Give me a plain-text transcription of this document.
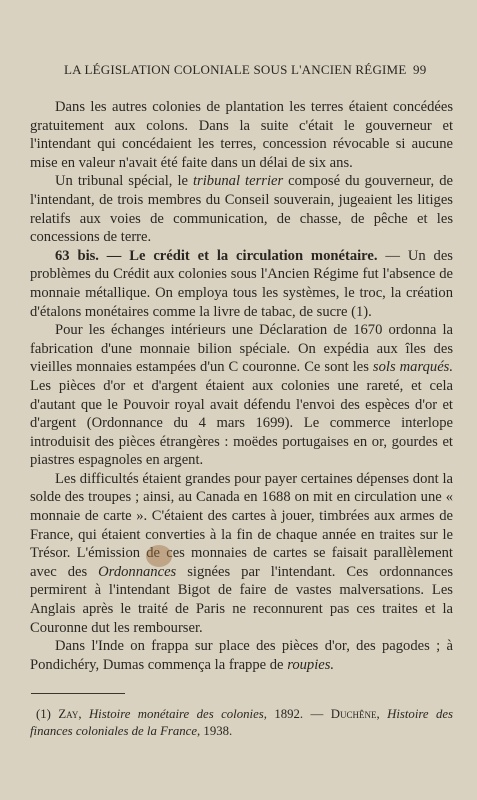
LA LÉGISLATION COLONIALE SOUS L'ANCIEN RÉGIME 99

Dans les autres colonies de plantation les terres étaient concédées gratuitement aux colons. Dans la suite c'était le gouverneur et l'intendant qui concédaient les terres, concession révocable si aucune mise en valeur n'avait été faite dans un délai de six ans.

Un tribunal spécial, le tribunal terrier composé du gouverneur, de l'intendant, de trois membres du Conseil souverain, jugeaient les litiges relatifs aux voies de communication, de chasse, de pêche et les concessions de terre.

63 bis. — Le crédit et la circulation monétaire. — Un des problèmes du Crédit aux colonies sous l'Ancien Régime fut l'absence de monnaie métallique. On employa tous les systèmes, le troc, la création d'étalons monétaires comme la livre de tabac, de sucre (1).

Pour les échanges intérieurs une Déclaration de 1670 ordonna la fabrication d'une monnaie bilion spéciale. On expédia aux îles des vieilles monnaies estampées d'un C couronne. Ce sont les sols marqués. Les pièces d'or et d'argent étaient aux colonies une rareté, et cela d'autant que le Pouvoir royal avait défendu l'envoi des espèces d'or et d'argent (Ordonnance du 4 mars 1699). Le commerce interlope introduisit des pièces étrangères : moëdes portugaises en or, gourdes et piastres espagnoles en argent.

Les difficultés étaient grandes pour payer certaines dépenses dont la solde des troupes ; ainsi, au Canada en 1688 on mit en circulation une « monnaie de carte ». C'étaient des cartes à jouer, timbrées aux armes de France, qui étaient converties à la fin de chaque année en traites sur le Trésor. L'émission de ces monnaies de cartes se faisait parallèlement avec des Ordonnances signées par l'intendant. Ces ordonnances permirent à l'intendant Bigot de faire de vastes malversations. Les Anglais après le traité de Paris ne reconnurent pas ces traites et la Couronne dut les rembourser.

Dans l'Inde on frappa sur place des pièces d'or, des pagodes ; à Pondichéry, Dumas commença la frappe de roupies.

(1) Zay, Histoire monétaire des colonies, 1892. — Duchêne, Histoire des finances coloniales de la France, 1938.
